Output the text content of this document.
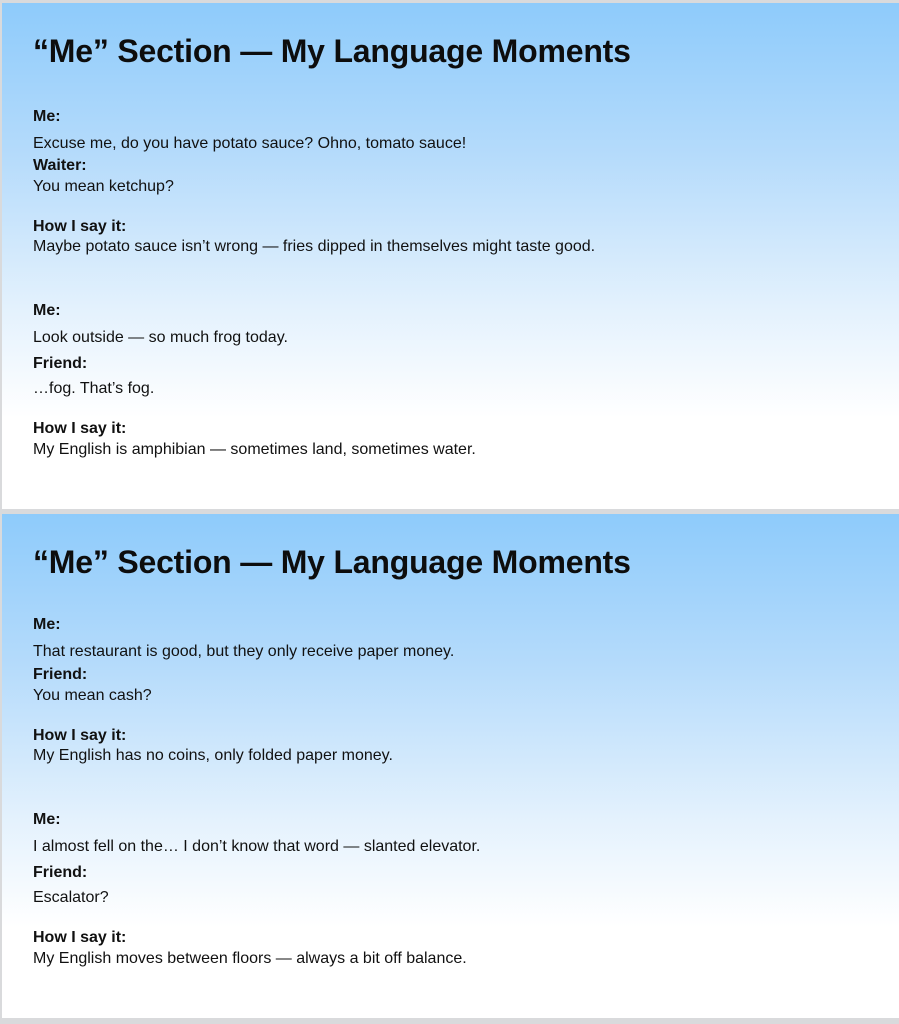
“Me” Section — My Language Moments

Me:

Excuse me, do you have potato sauce? Ohno, tomato sauce!

Waiter:

You mean ketchup?

How I say it:

Maybe potato sauce isn’t wrong — fries dipped in themselves might taste good.

Me:

Look outside — so much frog today.

Friend:

…fog. That’s fog.

How I say it:

My English is amphibian — sometimes land, sometimes water.

“Me” Section — My Language Moments

Me:

That restaurant is good, but they only receive paper money.

Friend:

You mean cash?

How I say it:

My English has no coins, only folded paper money.

Me:

I almost fell on the… I don’t know that word — slanted elevator.

Friend:

Escalator?

How I say it:

My English moves between floors — always a bit off balance.
